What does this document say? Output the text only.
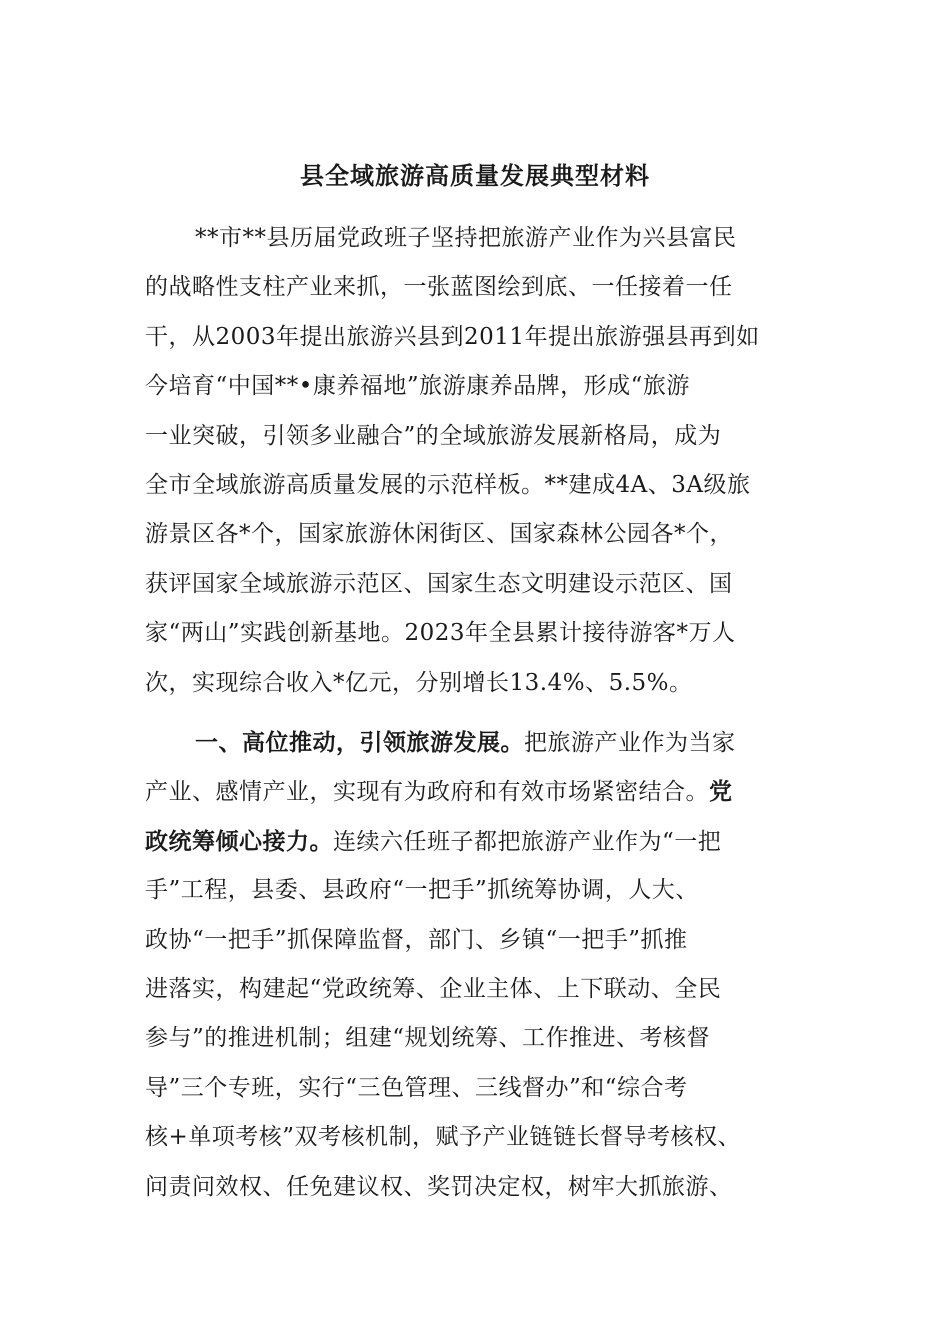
县全域旅游高质量发展典型材料
**市**县历届党政班子坚持把旅游产业作为兴县富民
的战略性支柱产业来抓，一张蓝图绘到底、一任接着一任
干，从2003年提出旅游兴县到2011年提出旅游强县再到如
今培育“中国**•康养福地”旅游康养品牌，形成“旅游
一业突破，引领多业融合”的全域旅游发展新格局，成为
全市全域旅游高质量发展的示范样板。**建成4A、3A级旅
游景区各*个，国家旅游休闲街区、国家森林公园各*个，
获评国家全域旅游示范区、国家生态文明建设示范区、国
家“两山”实践创新基地。2023年全县累计接待游客*万人
次，实现综合收入*亿元，分别增长13.4%、5.5%。
一、高位推动，引领旅游发展。把旅游产业作为当家
产业、感情产业，实现有为政府和有效市场紧密结合。党
政统筹倾心接力。连续六任班子都把旅游产业作为“一把
手”工程，县委、县政府“一把手”抓统筹协调，人大、
政协“一把手”抓保障监督，部门、乡镇“一把手”抓推
进落实，构建起“党政统筹、企业主体、上下联动、全民
参与”的推进机制；组建“规划统筹、工作推进、考核督
导”三个专班，实行“三色管理、三线督办”和“综合考
核+单项考核”双考核机制，赋予产业链链长督导考核权、
问责问效权、任免建议权、奖罚决定权，树牢大抓旅游、
